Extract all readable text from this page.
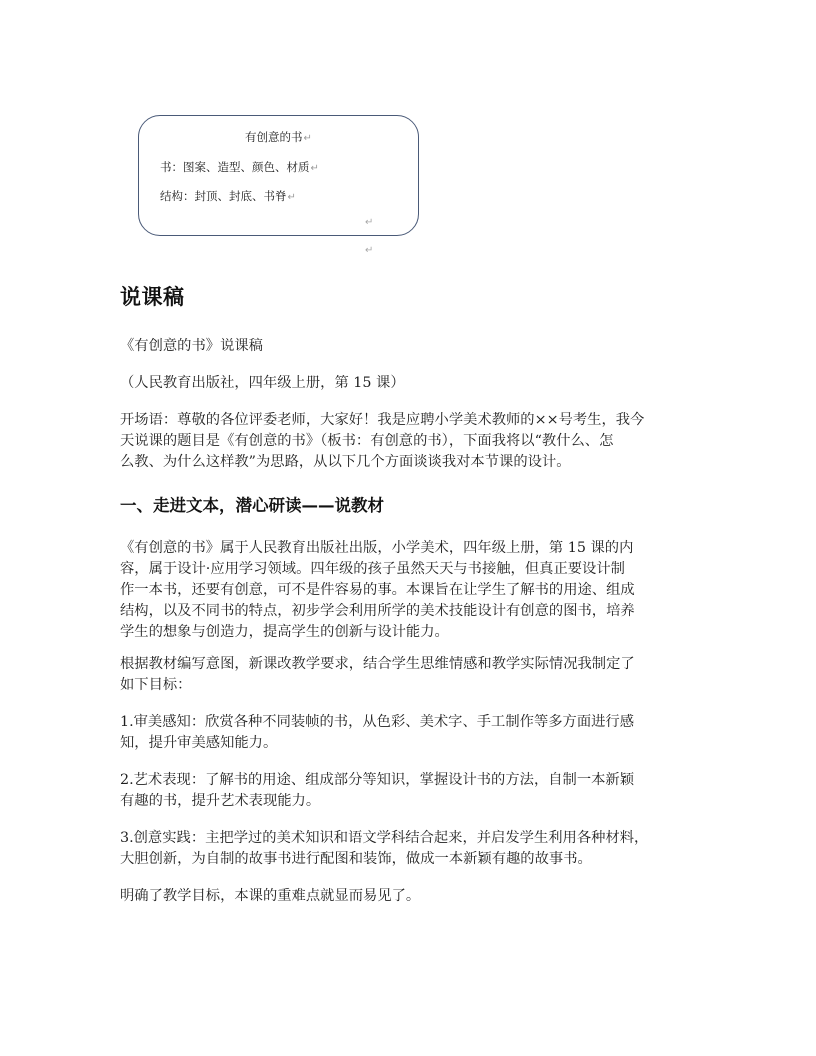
有创意的书↵
书：图案、造型、颜色、材质↵
结构：封顶、封底、书脊↵
↵
↵
说课稿

《有创意的书》说课稿

（人民教育出版社，四年级上册，第 15 课）

开场语：尊敬的各位评委老师，大家好！我是应聘小学美术教师的××号考生，我今
天说课的题目是《有创意的书》（板书：有创意的书），下面我将以“教什么、怎
么教、为什么这样教”为思路，从以下几个方面谈谈我对本节课的设计。

一、走进文本，潜心研读——说教材

《有创意的书》属于人民教育出版社出版，小学美术，四年级上册，第 15 课的内
容，属于设计·应用学习领域。四年级的孩子虽然天天与书接触，但真正要设计制
作一本书，还要有创意，可不是件容易的事。本课旨在让学生了解书的用途、组成
结构，以及不同书的特点，初步学会利用所学的美术技能设计有创意的图书，培养
学生的想象与创造力，提高学生的创新与设计能力。

根据教材编写意图，新课改教学要求，结合学生思维情感和教学实际情况我制定了
如下目标：

1.审美感知：欣赏各种不同装帧的书，从色彩、美术字、手工制作等多方面进行感
知，提升审美感知能力。

2.艺术表现：了解书的用途、组成部分等知识，掌握设计书的方法，自制一本新颖
有趣的书，提升艺术表现能力。

3.创意实践：主把学过的美术知识和语文学科结合起来，并启发学生利用各种材料，
大胆创新，为自制的故事书进行配图和装饰，做成一本新颖有趣的故事书。

明确了教学目标，本课的重难点就显而易见了。
